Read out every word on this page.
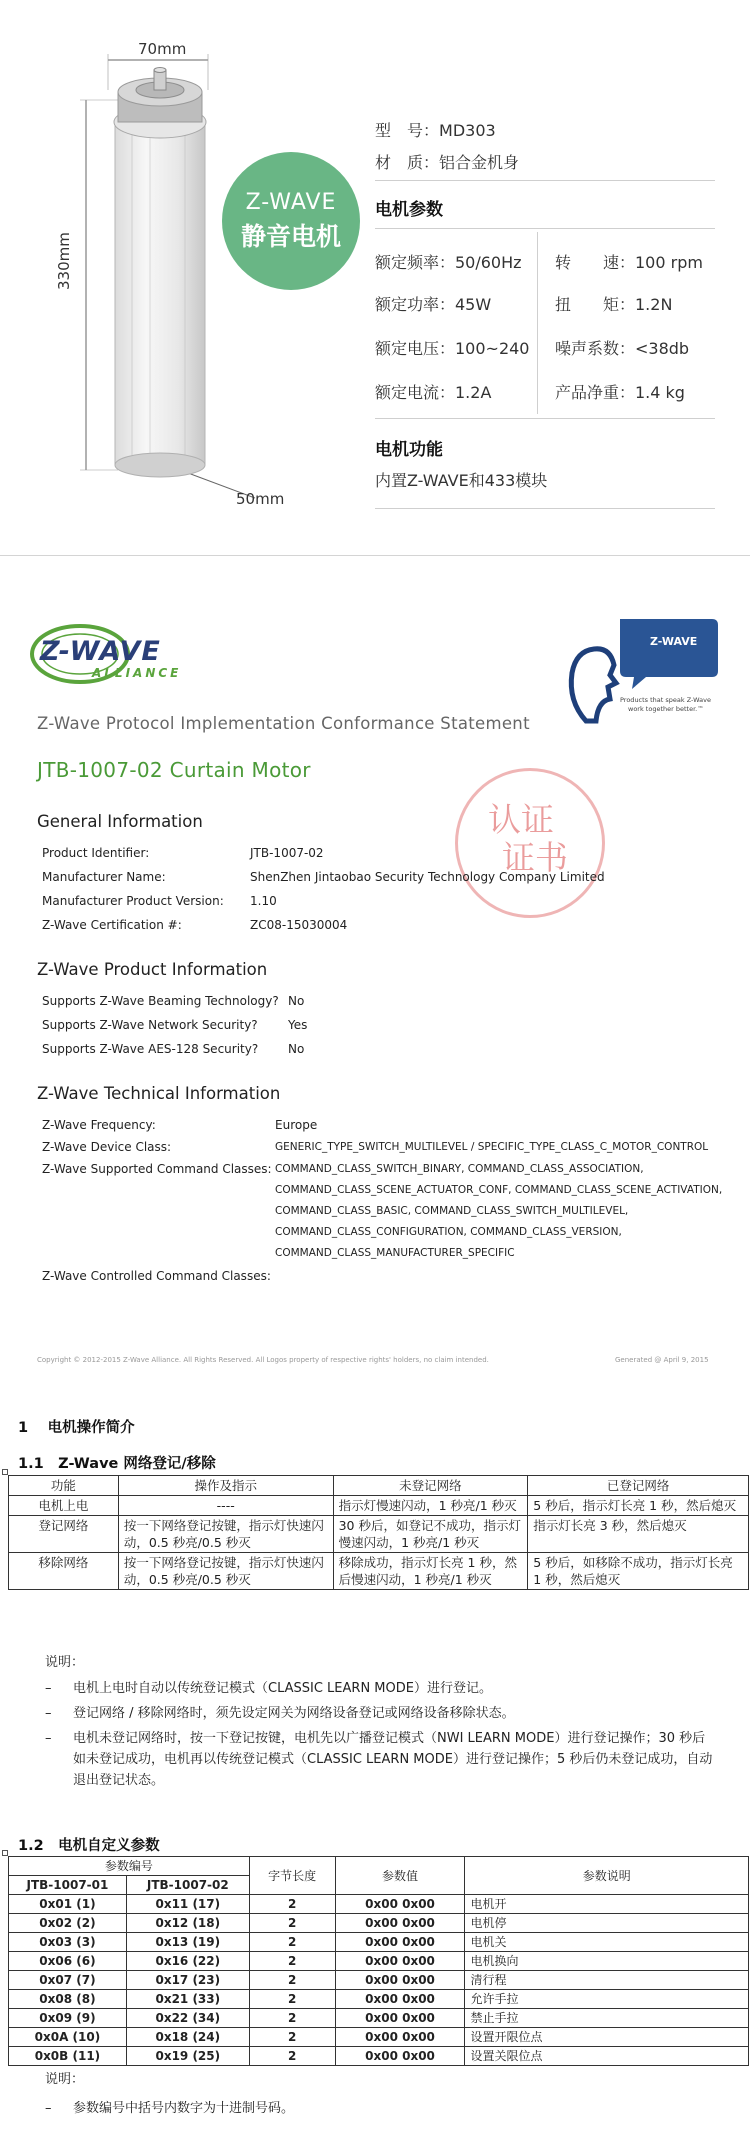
70mm
330mm
50mm
Z-WAVE
静音电机
型　号：MD303
材　质：铝合金机身
电机参数
额定频率：50/60Hz 转　　速：100 rpm
额定功率：45W	扭　　矩：1.2N
额定电压：100~240 噪声系数：<38db
额定电流：1.2A	产品净重：1.4 kg
电机功能
内置Z-WAVE和433模块
Z-WAVE
ALLIANCE
Z-WAVE
Products that speak Z-Wave
work together better.™
Z-Wave Protocol Implementation Conformance Statement
JTB-1007-02 Curtain Motor
认证
证书
General Information
Product Identifier:	JTB-1007-02
Manufacturer Name:	ShenZhen Jintaobao Security Technology Company Limited
Manufacturer Product Version: 1.10
Z-Wave Certification #:	ZC08-15030004
Z-Wave Product Information
Supports Z-Wave Beaming Technology? No
Supports Z-Wave Network Security?	Yes
Supports Z-Wave AES-128 Security? No
Z-Wave Technical Information
Z-Wave Frequency:	Europe
Z-Wave Device Class:	GENERIC_TYPE_SWITCH_MULTILEVEL / SPECIFIC_TYPE_CLASS_C_MOTOR_CONTROL
Z-Wave Supported Command Classes: COMMAND_CLASS_SWITCH_BINARY, COMMAND_CLASS_ASSOCIATION,
COMMAND_CLASS_SCENE_ACTUATOR_CONF, COMMAND_CLASS_SCENE_ACTIVATION,
COMMAND_CLASS_BASIC, COMMAND_CLASS_SWITCH_MULTILEVEL,
COMMAND_CLASS_CONFIGURATION, COMMAND_CLASS_VERSION,
COMMAND_CLASS_MANUFACTURER_SPECIFIC
Z-Wave Controlled Command Classes:
Copyright © 2012-2015 Z-Wave Alliance. All Rights Reserved. All Logos property of respective rights' holders, no claim intended.	Generated @ April 9, 2015
1　 电机操作简介
1.1　Z-Wave 网络登记/移除
功能	操作及指示	未登记网络	已登记网络
电机上电	----	指示灯慢速闪动，1 秒亮/1 秒灭	5 秒后，指示灯长亮 1 秒，然后熄灭
登记网络	按一下网络登记按键，指示灯快速闪动，0.5 秒亮/0.5 秒灭	30 秒后，如登记不成功，指示灯慢速闪动，1 秒亮/1 秒灭	指示灯长亮 3 秒，然后熄灭
移除网络	按一下网络登记按键，指示灯快速闪动，0.5 秒亮/0.5 秒灭	移除成功，指示灯长亮 1 秒，然后慢速闪动，1 秒亮/1 秒灭	5 秒后，如移除不成功，指示灯长亮 1 秒，然后熄灭
说明：
– 电机上电时自动以传统登记模式（CLASSIC LEARN MODE）进行登记。
– 登记网络 / 移除网络时，须先设定网关为网络设备登记或网络设备移除状态。
–	电机未登记网络时，按一下登记按键，电机先以广播登记模式（NWI LEARN MODE）进行登记操作；30 秒后如未登记成功，电机再以传统登记模式（CLASSIC LEARN MODE）进行登记操作；5 秒后仍未登记成功，自动退出登记状态。
1.2　电机自定义参数
参数编号		字节长度	参数值	参数说明
JTB-1007-01	JTB-1007-02			
0x01 (1)	0x11 (17)	2	0x00 0x00	电机开
0x02 (2)	0x12 (18)	2	0x00 0x00	电机停
0x03 (3)	0x13 (19)	2	0x00 0x00	电机关
0x06 (6)	0x16 (22)	2	0x00 0x00	电机换向
0x07 (7)	0x17 (23)	2	0x00 0x00	清行程
0x08 (8)	0x21 (33)	2	0x00 0x00	允许手拉
0x09 (9)	0x22 (34)	2	0x00 0x00	禁止手拉
0x0A (10)	0x18 (24)	2	0x00 0x00	设置开限位点
0x0B (11)	0x19 (25)	2	0x00 0x00	设置关限位点
说明：
– 参数编号中括号内数字为十进制号码。
